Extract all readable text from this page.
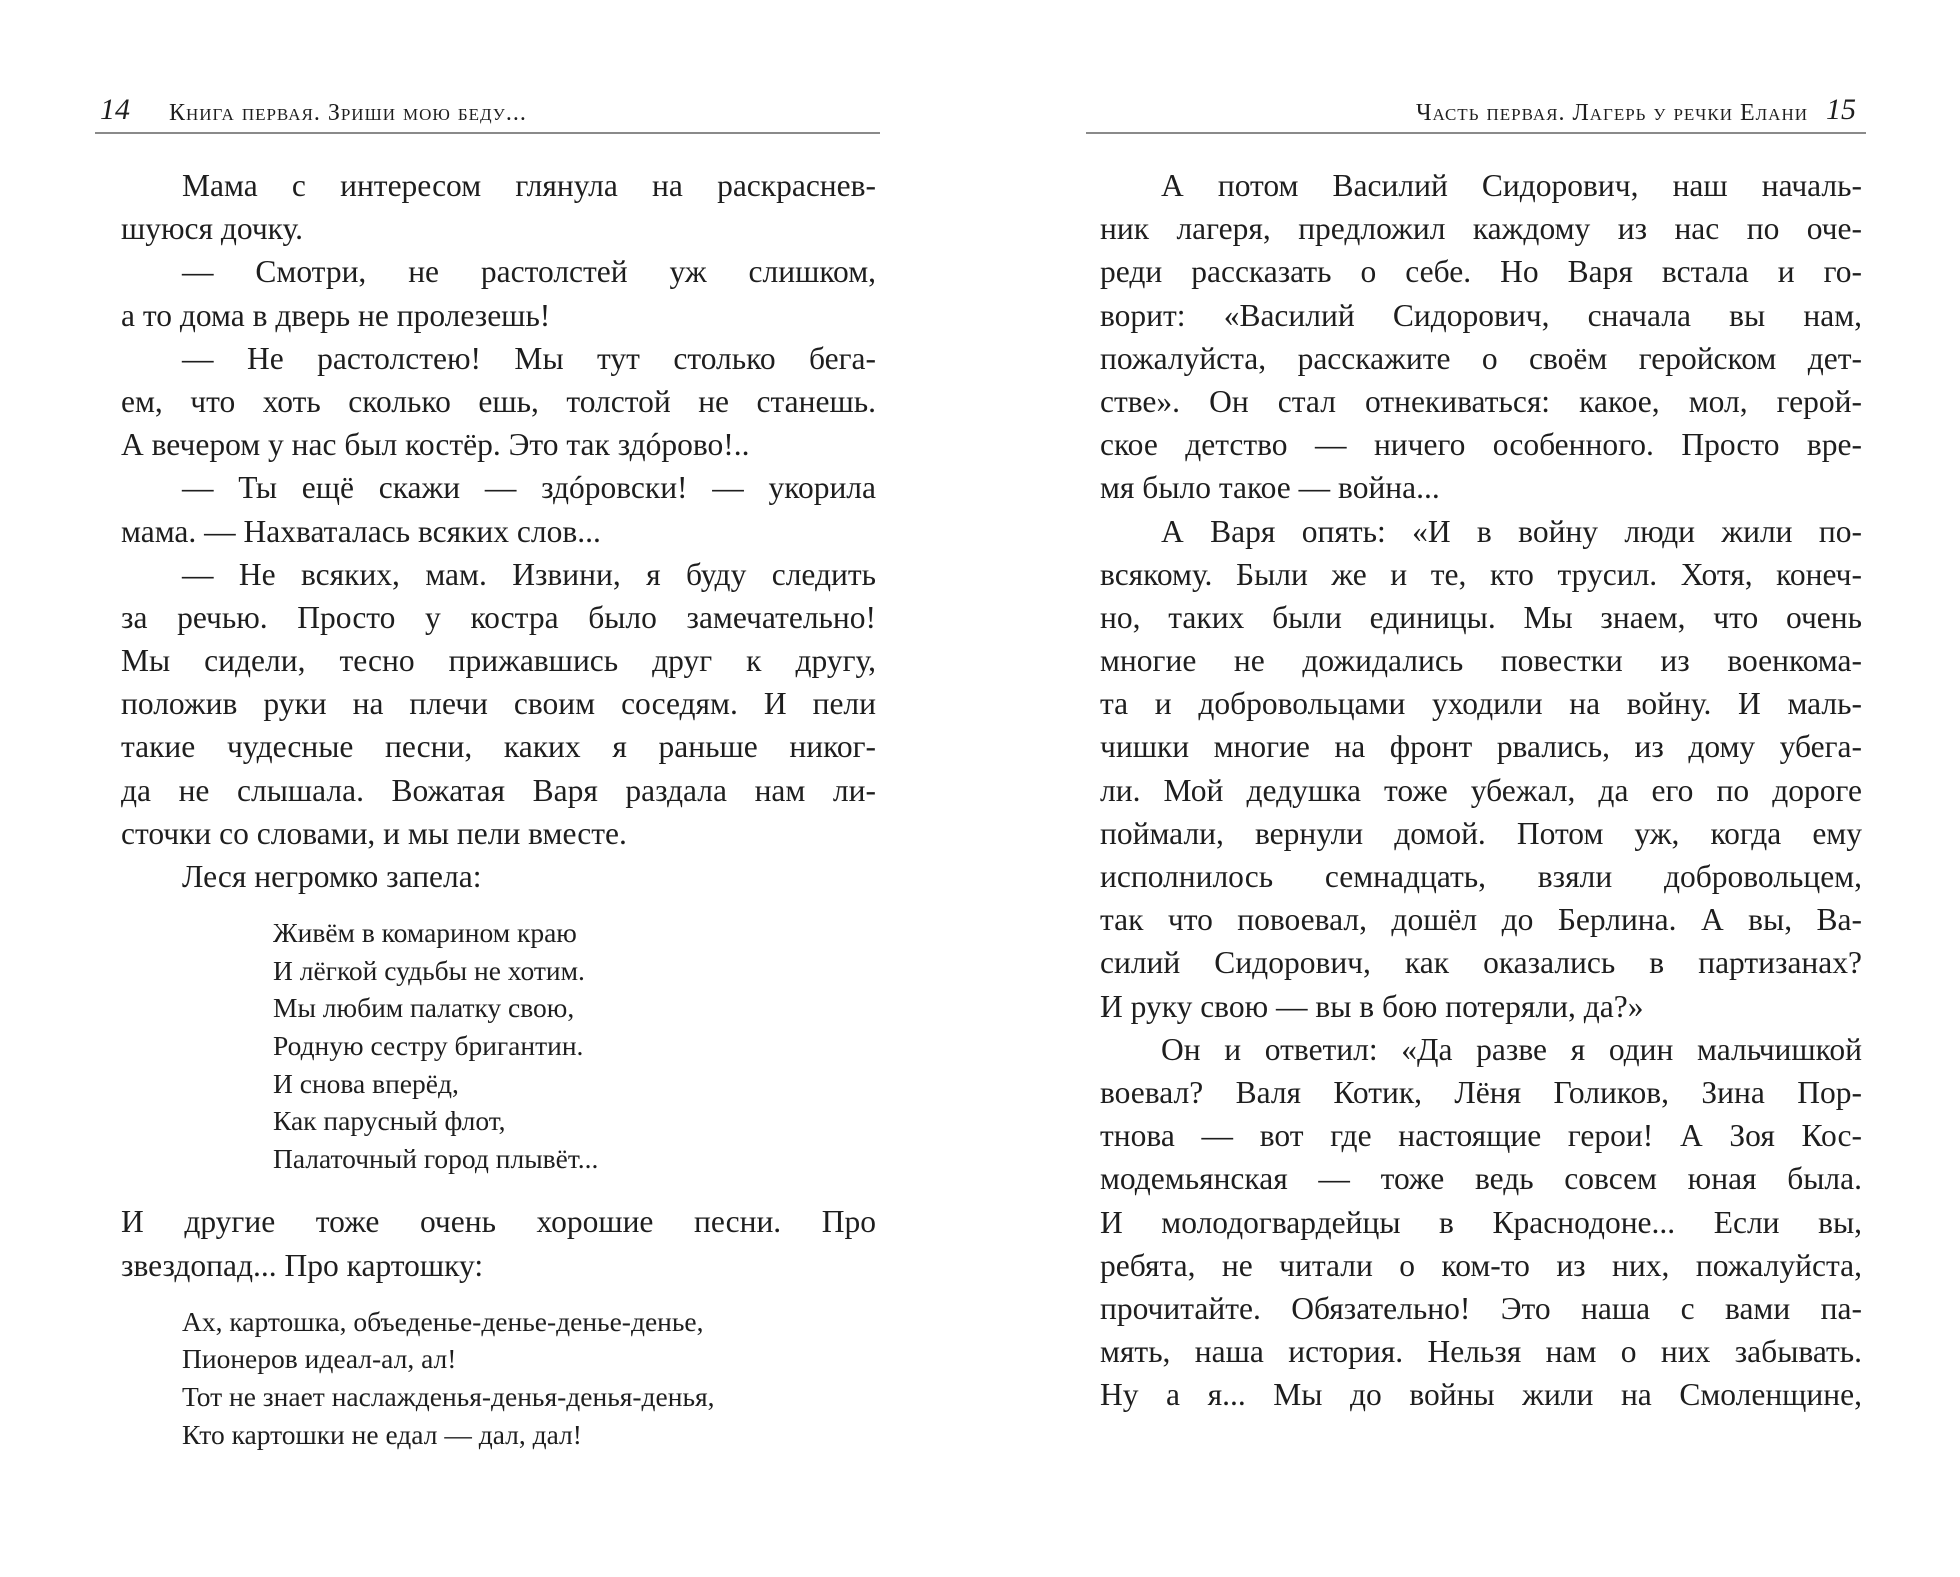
14 Книга первая. Зриши мою беду...
Мама с интересом глянула на раскраснев-
шуюся дочку.
— Смотри, не растолстей уж слишком,
а то дома в дверь не пролезешь!
— Не растолстею! Мы тут столько бега-
ем, что хоть сколько ешь, толстой не станешь.
А вечером у нас был костёр. Это так здóрово!..
— Ты ещё скажи — здóровски! — укорила
мама. — Нахваталась всяких слов...
— Не всяких, мам. Извини, я буду следить
за речью. Просто у костра было замечательно!
Мы сидели, тесно прижавшись друг к другу,
положив руки на плечи своим соседям. И пели
такие чудесные песни, каких я раньше никог-
да не слышала. Вожатая Варя раздала нам ли-
сточки со словами, и мы пели вместе.
Леся негромко запела:
Живём в комарином краю
И лёгкой судьбы не хотим.
Мы любим палатку свою,
Родную сестру бригантин.
И снова вперёд,
Как парусный флот,
Палаточный город плывёт...
И другие тоже очень хорошие песни. Про
звездопад... Про картошку:
Ах, картошка, объеденье-денье-денье-денье,
Пионеров идеал-ал, ал!
Тот не знает наслажденья-денья-денья-денья,
Кто картошки не едал — дал, дал!
Часть первая. Лагерь у речки Елани 15
А потом Василий Сидорович, наш началь-
ник лагеря, предложил каждому из нас по оче-
реди рассказать о себе. Но Варя встала и го-
ворит: «Василий Сидорович, сначала вы нам,
пожалуйста, расскажите о своём геройском дет-
стве». Он стал отнекиваться: какое, мол, герой-
ское детство — ничего особенного. Просто вре-
мя было такое — война...
А Варя опять: «И в войну люди жили по-
всякому. Были же и те, кто трусил. Хотя, конеч-
но, таких были единицы. Мы знаем, что очень
многие не дожидались повестки из военкома-
та и добровольцами уходили на войну. И маль-
чишки многие на фронт рвались, из дому убега-
ли. Мой дедушка тоже убежал, да его по дороге
поймали, вернули домой. Потом уж, когда ему
исполнилось семнадцать, взяли добровольцем,
так что повоевал, дошёл до Берлина. А вы, Ва-
силий Сидорович, как оказались в партизанах?
И руку свою — вы в бою потеряли, да?»
Он и ответил: «Да разве я один мальчишкой
воевал? Валя Котик, Лёня Голиков, Зина Пор-
тнова — вот где настоящие герои! А Зоя Кос-
модемьянская — тоже ведь совсем юная была.
И молодогвардейцы в Краснодоне... Если вы,
ребята, не читали о ком-то из них, пожалуйста,
прочитайте. Обязательно! Это наша с вами па-
мять, наша история. Нельзя нам о них забывать.
Ну а я... Мы до войны жили на Смоленщине,
